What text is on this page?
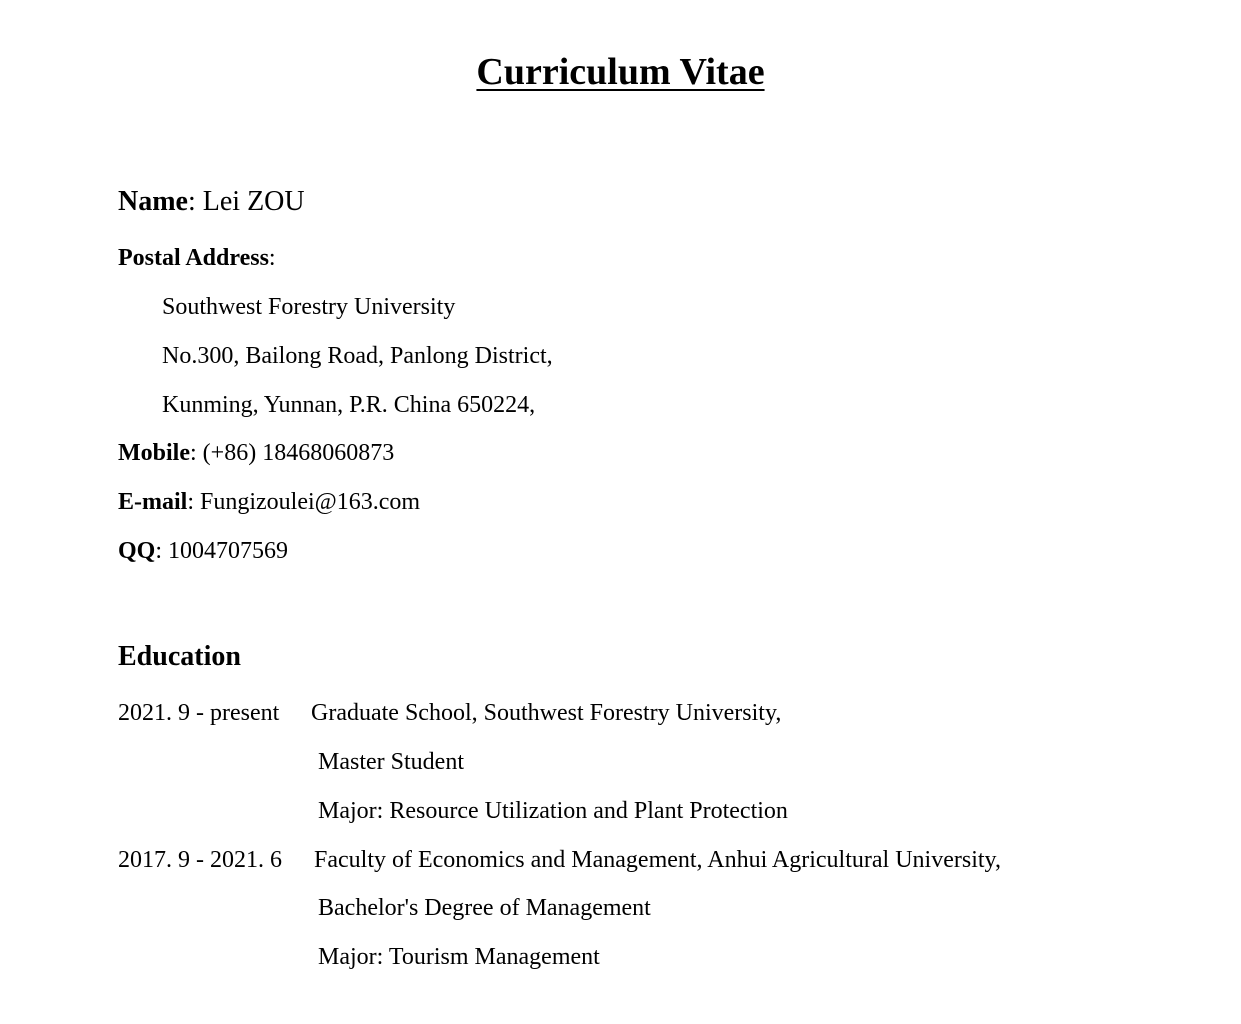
Curriculum Vitae
Name: Lei ZOU
Postal Address:
Southwest Forestry University
No.300, Bailong Road, Panlong District,
Kunming, Yunnan, P.R. China 650224,
Mobile: (+86) 18468060873
E-mail: Fungizoulei@163.com
QQ: 1004707569
Education
2021. 9 - present Graduate School, Southwest Forestry University,
Master Student
Major: Resource Utilization and Plant Protection
2017. 9 - 2021. 6 Faculty of Economics and Management, Anhui Agricultural University,
Bachelor's Degree of Management
Major: Tourism Management
